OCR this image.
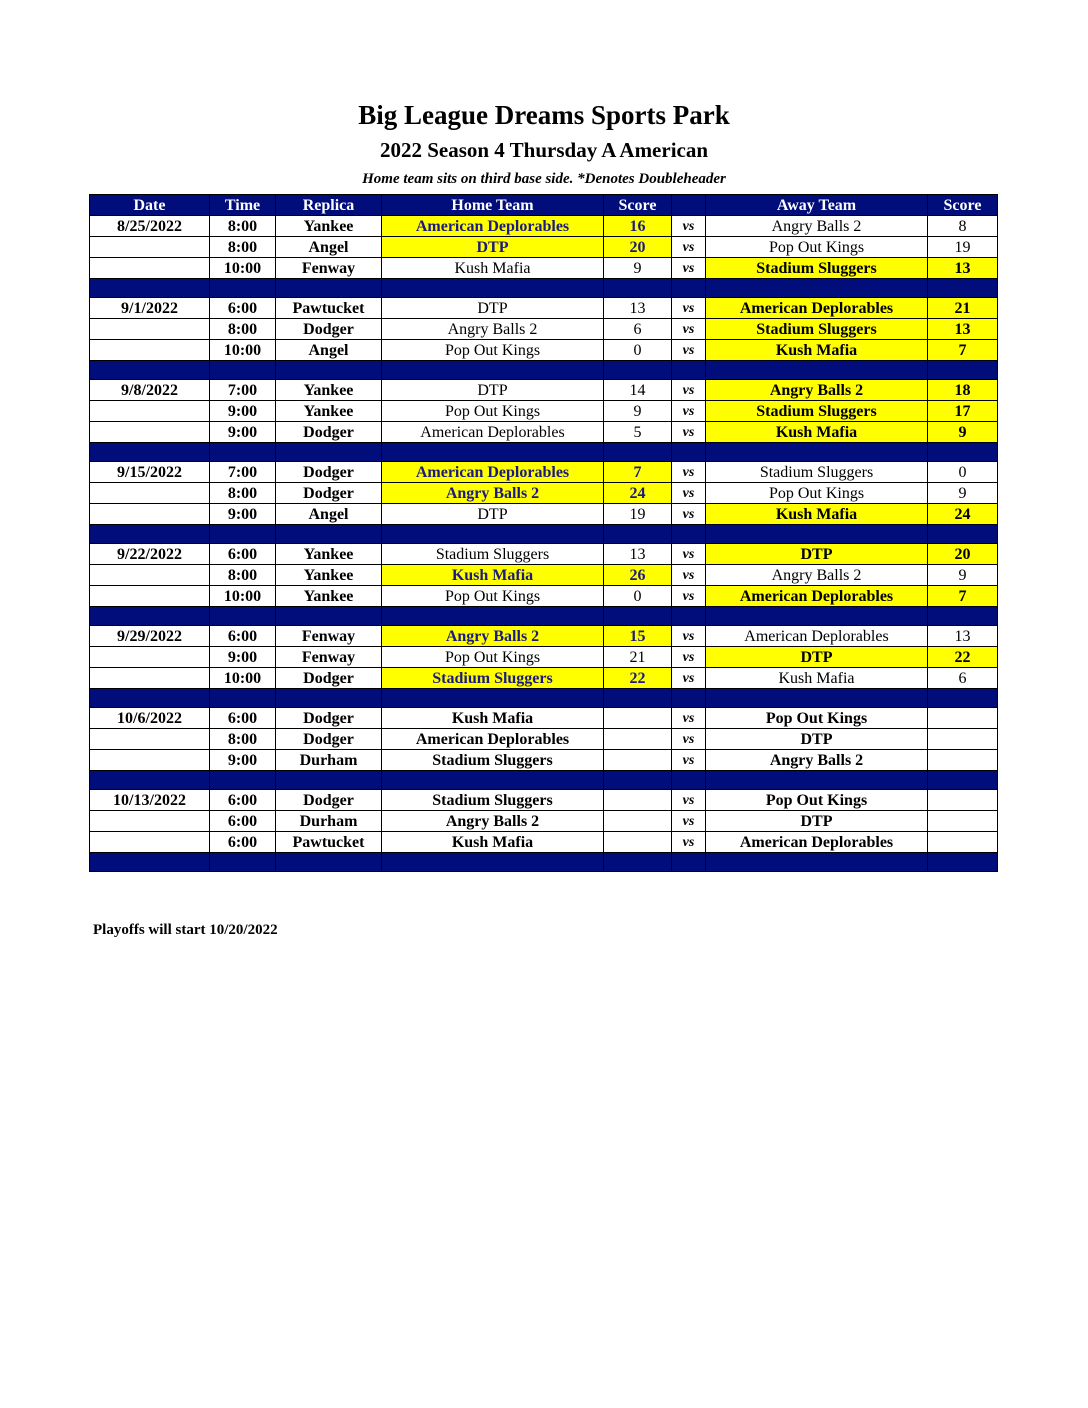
Big League Dreams Sports Park
2022 Season 4 Thursday A American
Home team sits on third base side. *Denotes Doubleheader
Date	Time	Replica	Home Team	Score		Away Team	Score
8/25/2022	8:00	Yankee	American Deplorables	16	vs	Angry Balls 2	8
	8:00	Angel	DTP	20	vs	Pop Out Kings	19
	10:00	Fenway	Kush Mafia	9	vs	Stadium Sluggers	13

9/1/2022	6:00	Pawtucket	DTP	13	vs	American Deplorables	21
	8:00	Dodger	Angry Balls 2	6	vs	Stadium Sluggers	13
	10:00	Angel	Pop Out Kings	0	vs	Kush Mafia	7

9/8/2022	7:00	Yankee	DTP	14	vs	Angry Balls 2	18
	9:00	Yankee	Pop Out Kings	9	vs	Stadium Sluggers	17
	9:00	Dodger	American Deplorables	5	vs	Kush Mafia	9

9/15/2022	7:00	Dodger	American Deplorables	7	vs	Stadium Sluggers	0
	8:00	Dodger	Angry Balls 2	24	vs	Pop Out Kings	9
	9:00	Angel	DTP	19	vs	Kush Mafia	24

9/22/2022	6:00	Yankee	Stadium Sluggers	13	vs	DTP	20
	8:00	Yankee	Kush Mafia	26	vs	Angry Balls 2	9
	10:00	Yankee	Pop Out Kings	0	vs	American Deplorables	7

9/29/2022	6:00	Fenway	Angry Balls 2	15	vs	American Deplorables	13
	9:00	Fenway	Pop Out Kings	21	vs	DTP	22
	10:00	Dodger	Stadium Sluggers	22	vs	Kush Mafia	6

10/6/2022	6:00	Dodger	Kush Mafia		vs	Pop Out Kings	
	8:00	Dodger	American Deplorables		vs	DTP	
	9:00	Durham	Stadium Sluggers		vs	Angry Balls 2	

10/13/2022	6:00	Dodger	Stadium Sluggers		vs	Pop Out Kings	
	6:00	Durham	Angry Balls 2		vs	DTP	
	6:00	Pawtucket	Kush Mafia		vs	American Deplorables	

Playoffs will start 10/20/2022
